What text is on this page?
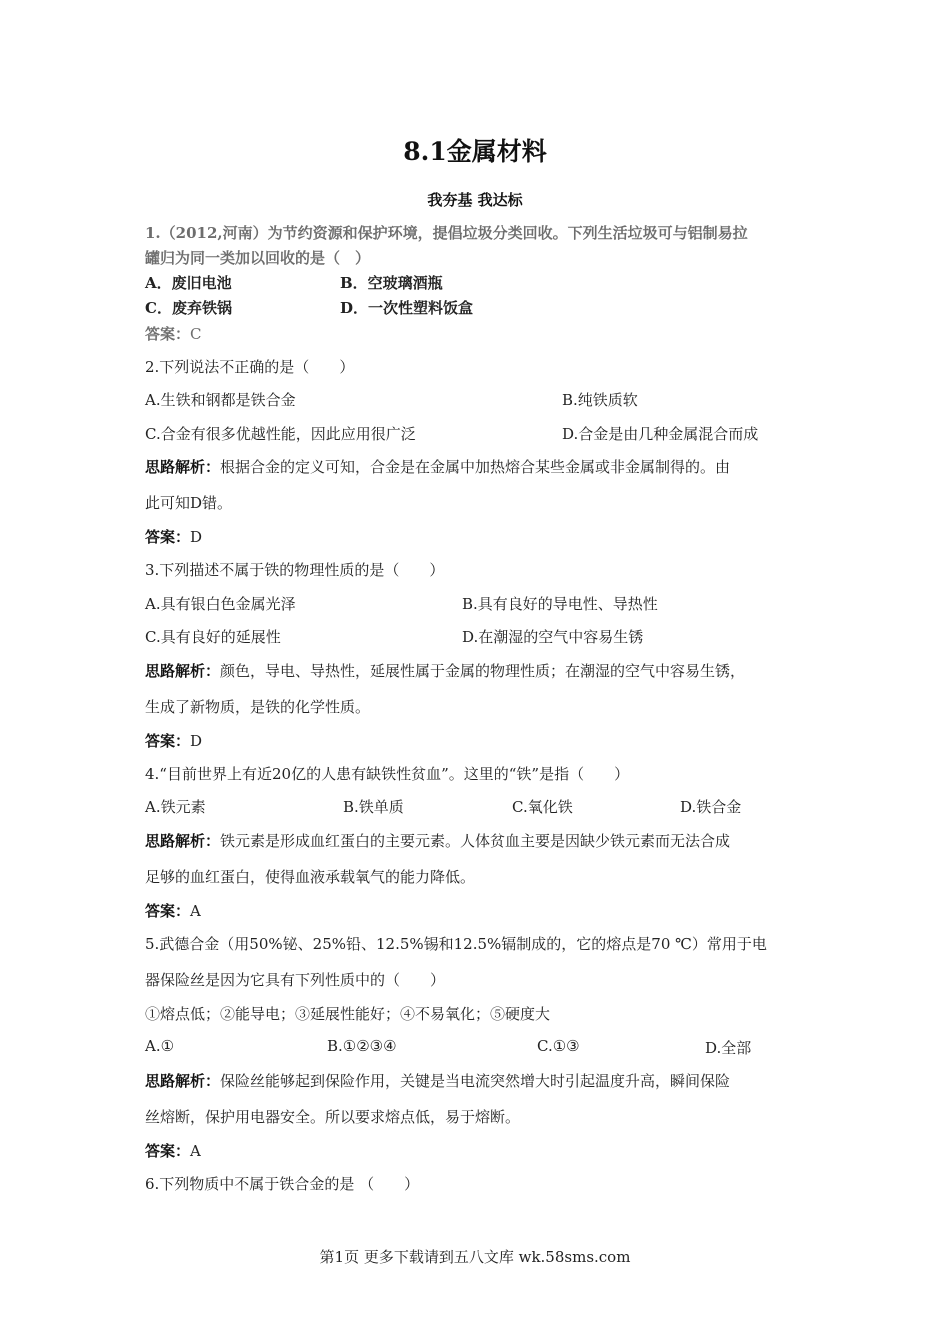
8.1金属材料
我夯基 我达标
1.（2012,河南）为节约资源和保护环境，提倡垃圾分类回收。下列生活垃圾可与铝制易拉
罐归为同一类加以回收的是（　）
A．废旧电池	B．空玻璃酒瓶
C．废弃铁锅	D．一次性塑料饭盒
答案：C
2.下列说法不正确的是（　　）
A.生铁和钢都是铁合金	B.纯铁质软
C.合金有很多优越性能，因此应用很广泛	D.合金是由几种金属混合而成
思路解析：根据合金的定义可知，合金是在金属中加热熔合某些金属或非金属制得的。由
此可知D错。
答案：D
3.下列描述不属于铁的物理性质的是（　　）
A.具有银白色金属光泽	B.具有良好的导电性、导热性
C.具有良好的延展性	D.在潮湿的空气中容易生锈
思路解析：颜色，导电、导热性，延展性属于金属的物理性质；在潮湿的空气中容易生锈，
生成了新物质，是铁的化学性质。
答案：D
4.“目前世界上有近20亿的人患有缺铁性贫血”。这里的“铁”是指（　　）
A.铁元素	B.铁单质	C.氧化铁	D.铁合金
思路解析：铁元素是形成血红蛋白的主要元素。人体贫血主要是因缺少铁元素而无法合成
足够的血红蛋白，使得血液承载氧气的能力降低。
答案：A
5.武德合金（用50%铋、25%铅、12.5%锡和12.5%镉制成的，它的熔点是70 ℃）常用于电
器保险丝是因为它具有下列性质中的（　　）
①熔点低；②能导电；③延展性能好；④不易氧化；⑤硬度大
A.①	B.①②③④	C.①③	D.全部
思路解析：保险丝能够起到保险作用，关键是当电流突然增大时引起温度升高，瞬间保险
丝熔断，保护用电器安全。所以要求熔点低，易于熔断。
答案：A
6.下列物质中不属于铁合金的是 （　　）
第1页 更多下载请到五八文库 wk.58sms.com
